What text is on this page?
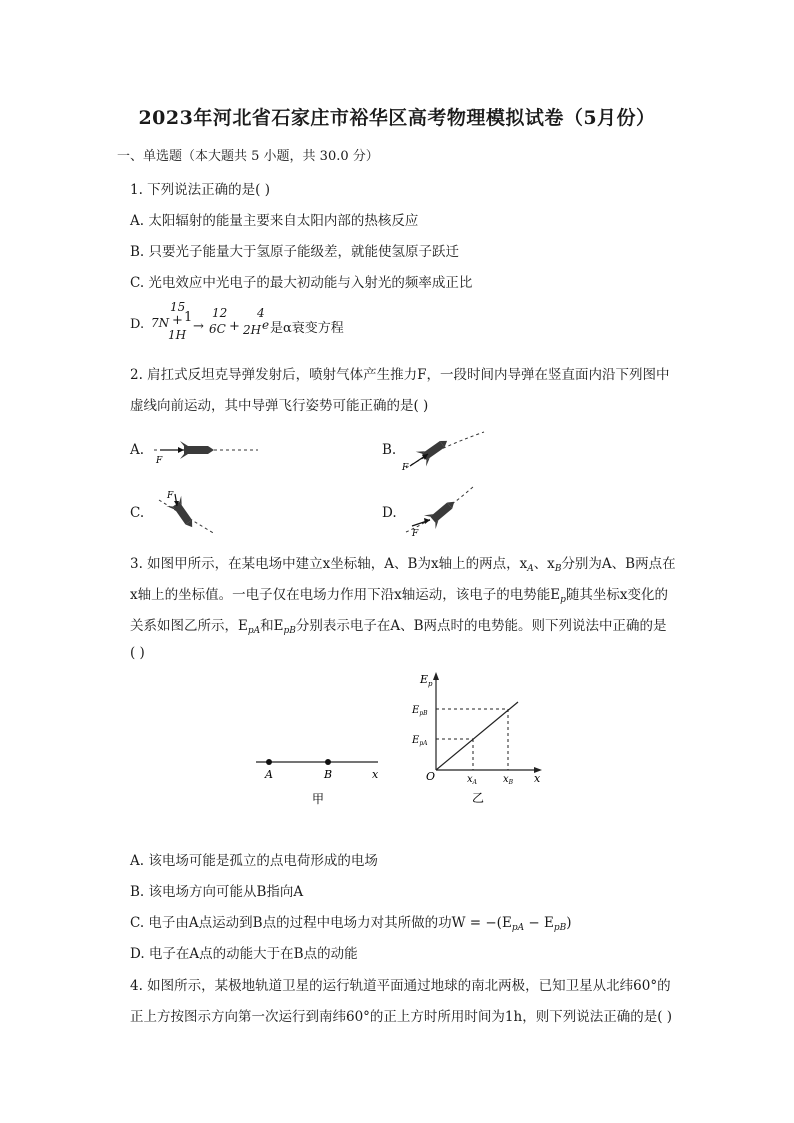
2023年河北省石家庄市裕华区高考物理模拟试卷（5月份）
一、单选题（本大题共 5 小题，共 30.0 分）
1. 下列说法正确的是( )
A. 太阳辐射的能量主要来自太阳内部的热核反应
B. 只要光子能量大于氢原子能级差，就能使氢原子跃迁
C. 光电效应中光电子的最大初动能与入射光的频率成正比
D.
15
7N + 1
1H
→
12
6C +
4
2H e 是α衰变方程
2. 肩扛式反坦克导弹发射后，喷射气体产生推力F，一段时间内导弹在竖直面内沿下列图中
虚线向前运动，其中导弹飞行姿势可能正确的是( )
A.
F
B.
F
C.
F
D.
F
3. 如图甲所示，在某电场中建立x坐标轴，A、B为x轴上的两点，$x_A$、$x_B$分别为A、B两点在
x轴上的坐标值。一电子仅在电场力作用下沿x轴运动，该电子的电势能$E_p$随其坐标x变化的
关系如图乙所示，$E_{pA}$和$E_{pB}$分别表示电子在A、B两点时的电势能。则下列说法中正确的是
( )
A	B	x
甲
$E_p$
$E_{pB}$
$E_{pA}$
O	$x_A$	$x_B$ x
乙
A. 该电场可能是孤立的点电荷形成的电场
B. 该电场方向可能从B指向A
C. 电子由A点运动到B点的过程中电场力对其所做的功$W = -(E_{pA} - E_{pB})$
D. 电子在A点的动能大于在B点的动能
4. 如图所示，某极地轨道卫星的运行轨道平面通过地球的南北两极，已知卫星从北纬60°的
正上方按图示方向第一次运行到南纬60°的正上方时所用时间为1h，则下列说法正确的是( )
